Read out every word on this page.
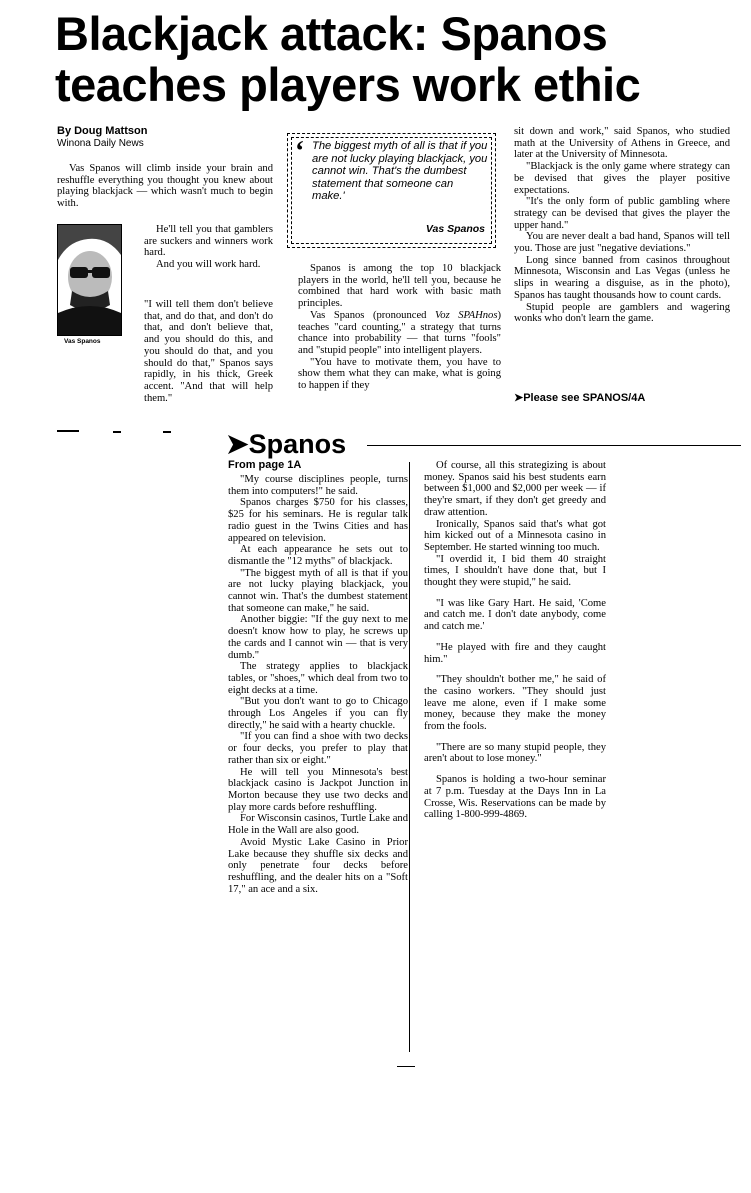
Blackjack attack: Spanos teaches players work ethic
By Doug Mattson
Winona Daily News

Vas Spanos will climb inside your brain and reshuffle everything you thought you knew about playing blackjack — which wasn't much to begin with.

He'll tell you that gamblers are suckers and winners work hard.

And you will work hard.

"I will tell them don't believe that, and do that, and don't do that, and don't believe that, and you should do this, and you should do that, and you should do that," Spanos says rapidly, in his thick, Greek accent. "And that will help them."

Vas Spanos
‘ The biggest myth of all is that if you are not lucky playing blackjack, you cannot win. That's the dumbest statement that someone can make.'
Vas Spanos

Spanos is among the top 10 blackjack players in the world, he'll tell you, because he combined that hard work with basic math principles.

Vas Spanos (pronounced Voz SPAHnos) teaches "card counting," a strategy that turns chance into probability — that turns "fools" and "stupid people" into intelligent players.

"You have to motivate them, you have to show them what they can make, what is going to happen if they

sit down and work," said Spanos, who studied math at the University of Athens in Greece, and later at the University of Minnesota.

"Blackjack is the only game where strategy can be devised that gives the player positive expectations.

"It's the only form of public gambling where strategy can be devised that gives the player the upper hand."

You are never dealt a bad hand, Spanos will tell you. Those are just "negative deviations."

Long since banned from casinos throughout Minnesota, Wisconsin and Las Vegas (unless he slips in wearing a disguise, as in the photo), Spanos has taught thousands how to count cards.

Stupid people are gamblers and wagering wonks who don't learn the game.

➤Please see SPANOS/4A
➤Spanos
From page 1A

"My course disciplines people, turns them into computers!" he said.

Spanos charges $750 for his classes, $25 for his seminars. He is regular talk radio guest in the Twins Cities and has appeared on television.

At each appearance he sets out to dismantle the "12 myths" of blackjack.

"The biggest myth of all is that if you are not lucky playing blackjack, you cannot win. That's the dumbest statement that someone can make," he said.

Another biggie: "If the guy next to me doesn't know how to play, he screws up the cards and I cannot win — that is very dumb."

The strategy applies to blackjack tables, or "shoes," which deal from two to eight decks at a time.

"But you don't want to go to Chicago through Los Angeles if you can fly directly," he said with a hearty chuckle.

"If you can find a shoe with two decks or four decks, you prefer to play that rather than six or eight."

He will tell you Minnesota's best blackjack casino is Jackpot Junction in Morton because they use two decks and play more cards before reshuffling.

For Wisconsin casinos, Turtle Lake and Hole in the Wall are also good.

Avoid Mystic Lake Casino in Prior Lake because they shuffle six decks and only penetrate four decks before reshuffling, and the dealer hits on a "Soft 17," an ace and a six.

Of course, all this strategizing is about money. Spanos said his best students earn between $1,000 and $2,000 per week — if they're smart, if they don't get greedy and draw attention.

Ironically, Spanos said that's what got him kicked out of a Minnesota casino in September. He started winning too much.

"I overdid it, I bid them 40 straight times, I shouldn't have done that, but I thought they were stupid," he said.

"I was like Gary Hart. He said, 'Come and catch me. I don't date anybody, come and catch me.'

"He played with fire and they caught him."

"They shouldn't bother me," he said of the casino workers. "They should just leave me alone, even if I make some money, because they make the money from the fools.

"There are so many stupid people, they aren't about to lose money."

Spanos is holding a two-hour seminar at 7 p.m. Tuesday at the Days Inn in La Crosse, Wis. Reservations can be made by calling 1-800-999-4869.
